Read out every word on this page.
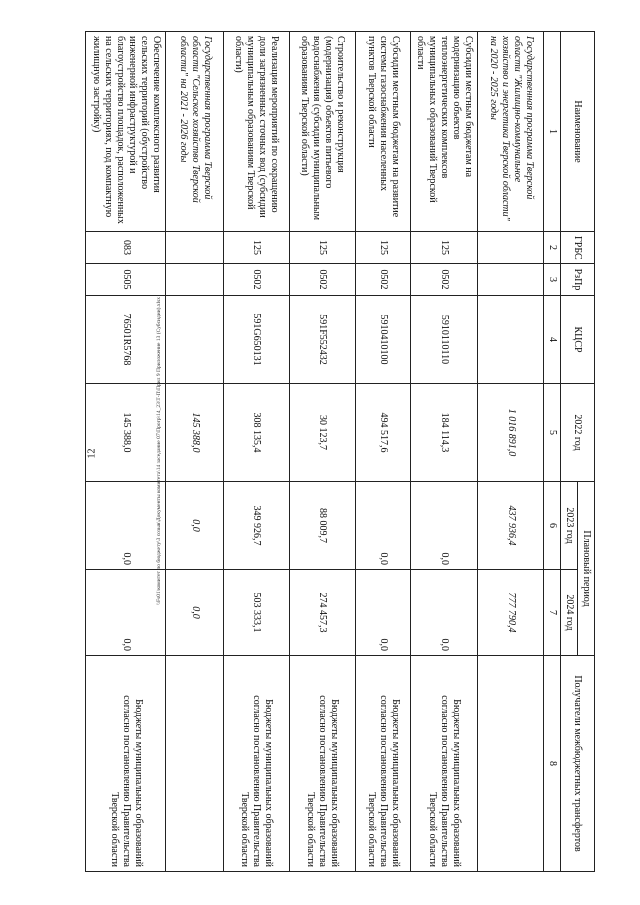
12	\\Fs01\комитет по бюджету\3 созыв\Документы комитета\14 заседание 07\Прогр\14_23\Т-П\Прил 9 Приложение 13 (Субсидии).xlsx
Наименование	ГРБС	РзПр	КЦСР	2022 год	Плановый период		Получатели межбюджетных трансфертов
					2023 год	2024 год	
1	2	3	4	5	6	7	8
Государственная программа Тверской области "Жилищно-коммунальное хозяйство и энергетика Тверской области" на 2020 - 2025 годы				1 016 891,0	437 936,4	777 790,4	
Субсидии местным бюджетам на модернизацию объектов теплоэнергетических комплексов муниципальных образований Тверской области	125	0502	5910110110	184 114,3	0,0	0,0	Бюджеты муниципальных образований согласно постановлению Правительства Тверской области
Субсидии местным бюджетам на развитие системы газоснабжения населенных пунктов Тверской области	125	0502	5910410100	494 517,6	0,0	0,0	Бюджеты муниципальных образований согласно постановлению Правительства Тверской области
Строительство и реконструкция (модернизация) объектов питьевого водоснабжения (субсидии муниципальным образованиям Тверской области)	125	0502	591F552432	30 123,7	88 009,7	274 457,3	Бюджеты муниципальных образований согласно постановлению Правительства Тверской области
Реализация мероприятий по сокращению доли загрязненных сточных вод (субсидии муниципальным образованиям Тверской области)	125	0502	591G650131	308 135,4	349 926,7	503 333,1	Бюджеты муниципальных образований согласно постановлению Правительства Тверской области
Государственная программа Тверской области "Сельское хозяйство Тверской области" на 2021 - 2026 годы				145 388,0	0,0	0,0	
Обеспечение комплексного развития сельских территорий (обустройство инженерной инфраструктурой и благоустройство площадок, расположенных на сельских территориях, под компактную жилищную застройку)	083	0505	76501R5768	145 388,0	0,0	0,0	Бюджеты муниципальных образований согласно постановлению Правительства Тверской области
